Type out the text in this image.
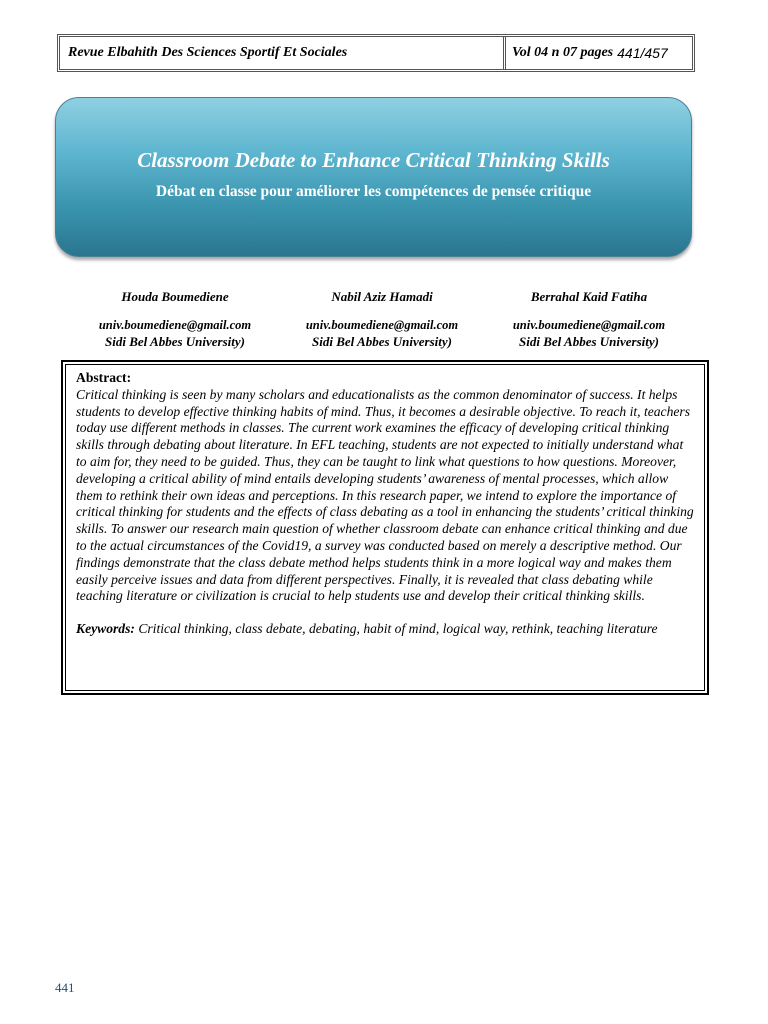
Revue Elbahith Des Sciences Sportif Et Sociales	Vol 04 n 07 pages 441/457
Classroom Debate to Enhance Critical Thinking Skills
Débat en classe pour améliorer les compétences de pensée critique
Houda Boumediene
univ.boumediene@gmail.com
Sidi Bel Abbes University)
Nabil Aziz Hamadi
univ.boumediene@gmail.com
Sidi Bel Abbes University)
Berrahal Kaid Fatiha
univ.boumediene@gmail.com
Sidi Bel Abbes University)
Abstract:
Critical thinking is seen by many scholars and educationalists as the common denominator of success. It helps students to develop effective thinking habits of mind. Thus, it becomes a desirable objective. To reach it, teachers today use different methods in classes. The current work examines the efficacy of developing critical thinking skills through debating about literature. In EFL teaching, students are not expected to initially understand what to aim for, they need to be guided. Thus, they can be taught to link what questions to how questions. Moreover, developing a critical ability of mind entails developing students’ awareness of mental processes, which allow them to rethink their own ideas and perceptions. In this research paper, we intend to explore the importance of critical thinking for students and the effects of class debating as a tool in enhancing the students’ critical thinking skills. To answer our research main question of whether classroom debate can enhance critical thinking and due to the actual circumstances of the Covid19, a survey was conducted based on merely a descriptive method. Our findings demonstrate that the class debate method helps students think in a more logical way and makes them easily perceive issues and data from different perspectives. Finally, it is revealed that class debating while teaching literature or civilization is crucial to help students use and develop their critical thinking skills.
Keywords: Critical thinking, class debate, debating, habit of mind, logical way, rethink, teaching literature
441
